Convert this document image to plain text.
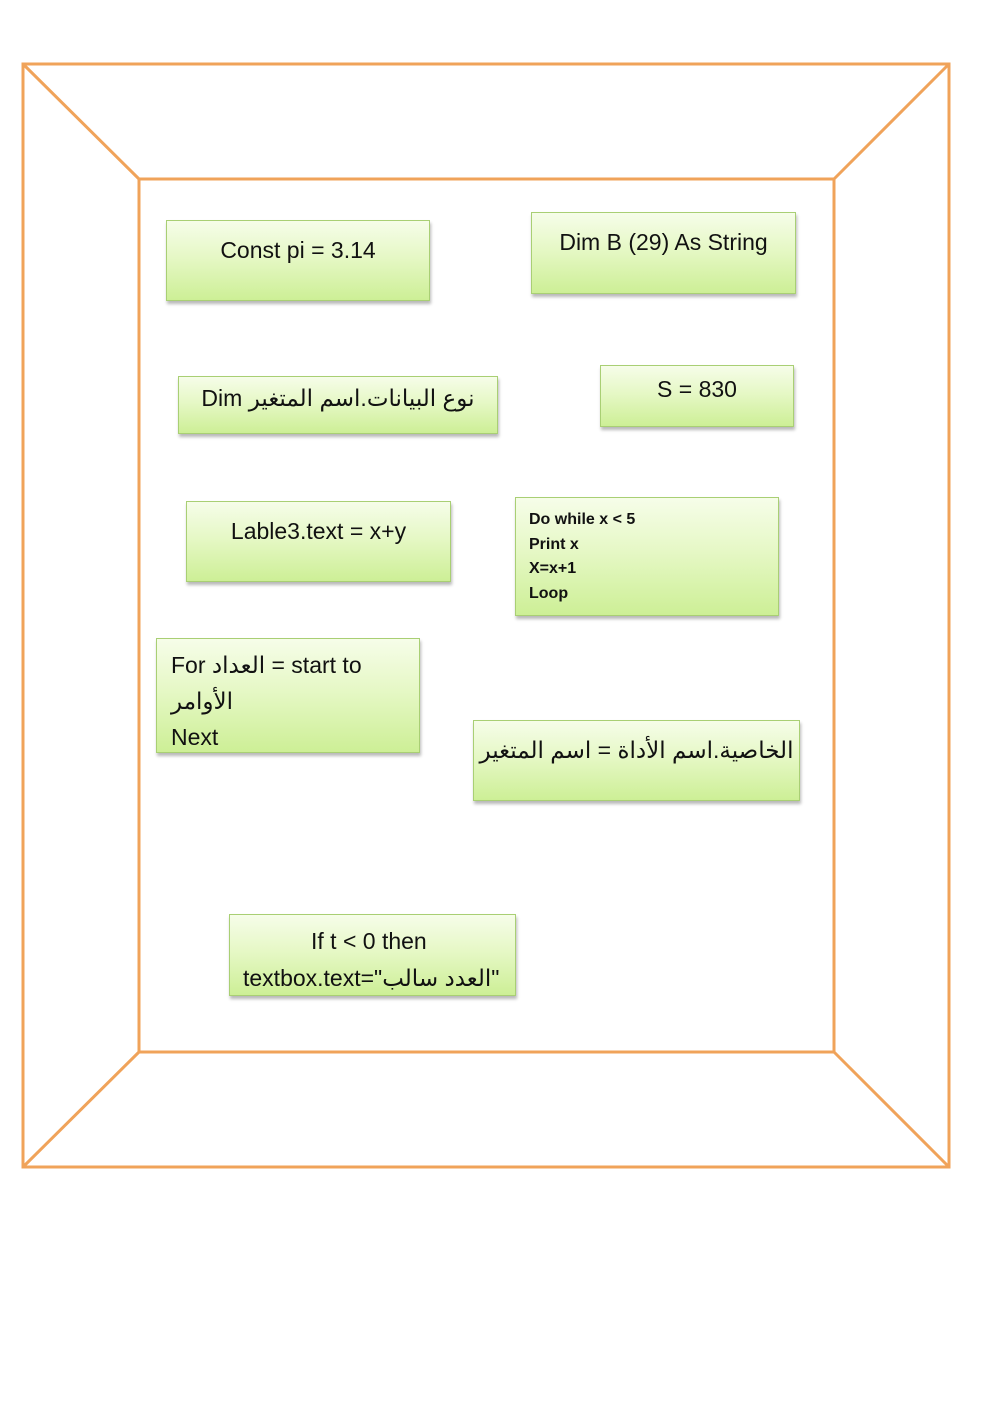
Const pi = 3.14	Dim B (29) As String
Dim نوع البيانات.اسم المتغير	S = 830
Lable3.text = x+y	Do while x < 5
Print x
X=x+1
Loop
For العداد = start to
الأوامر
Next	الخاصية.اسم الأداة = اسم المتغير
If t < 0 then
textbox.text="العدد سالب"
